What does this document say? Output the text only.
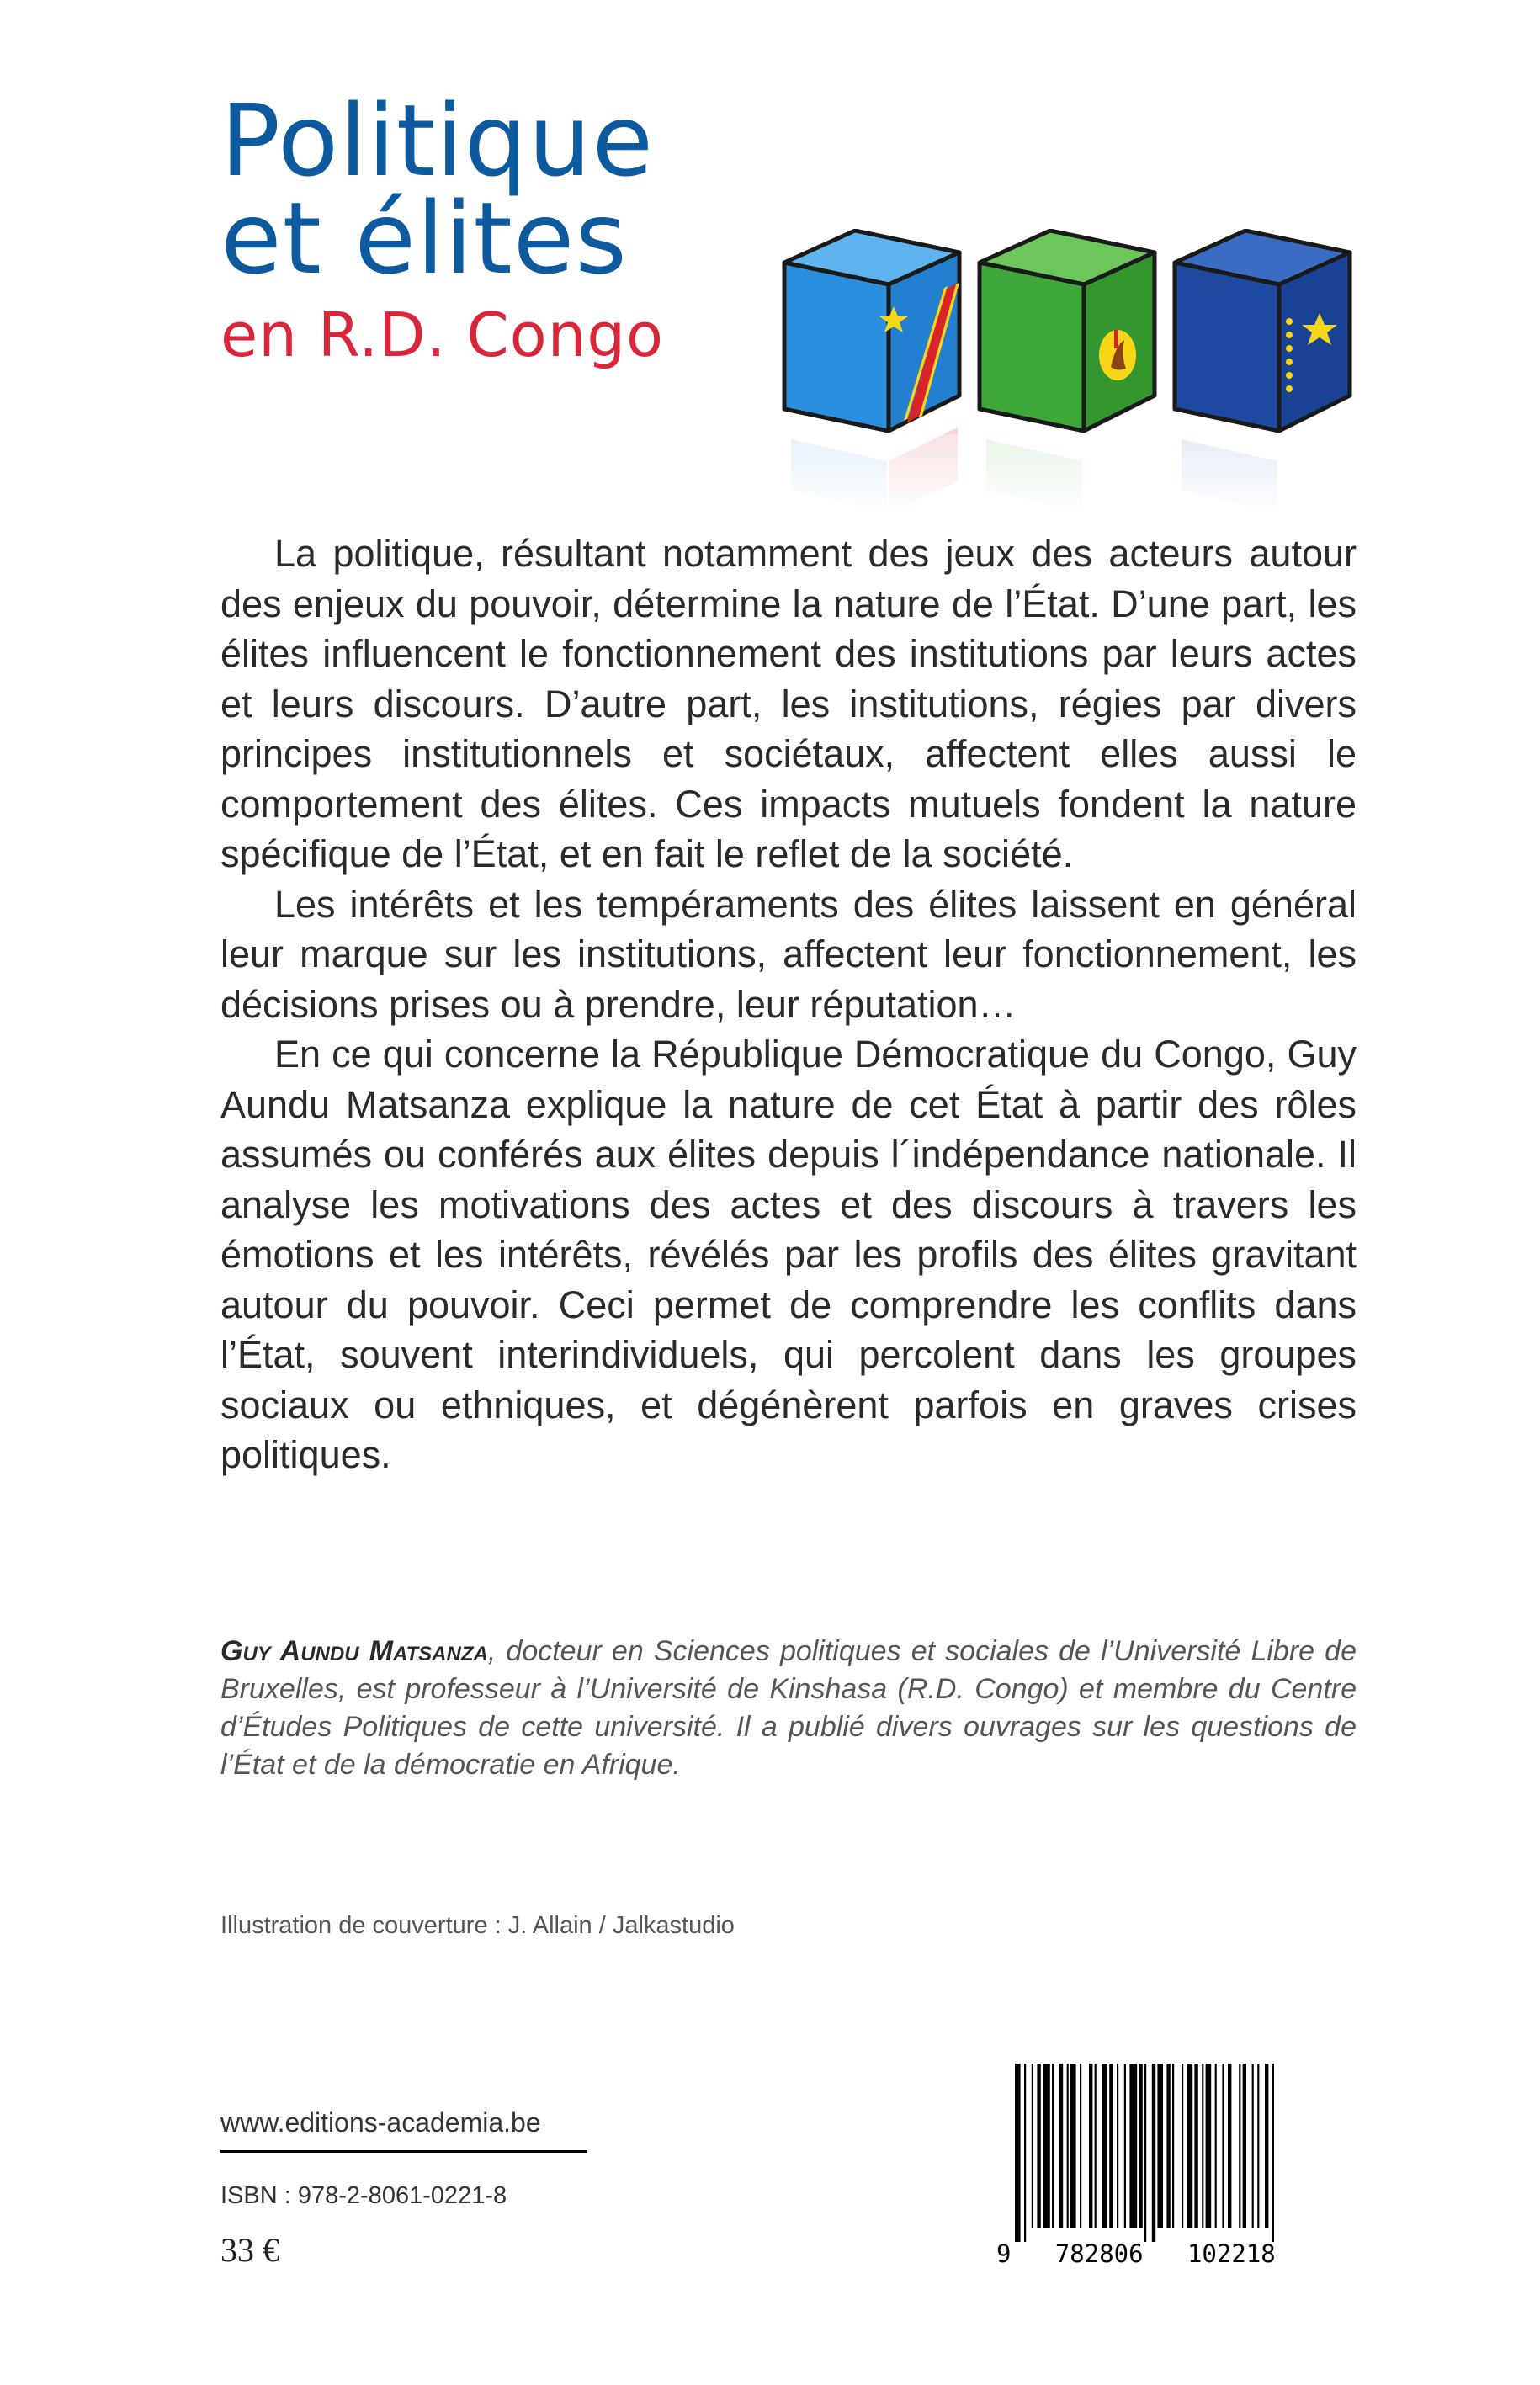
Politique
et élites
en R.D. Congo

La politique, résultant notamment des jeux des acteurs autour des enjeux du pouvoir, détermine la nature de l’État. D’une part, les élites influencent le fonctionnement des institutions par leurs actes et leurs discours. D’autre part, les institutions, régies par divers principes institutionnels et sociétaux, affectent elles aussi le comportement des élites. Ces impacts mutuels fondent la nature spécifique de l’État, et en fait le reflet de la société.

Les intérêts et les tempéraments des élites laissent en général leur marque sur les institutions, affectent leur fonctionnement, les décisions prises ou à prendre, leur réputation…

En ce qui concerne la République Démocratique du Congo, Guy Aundu Matsanza explique la nature de cet État à partir des rôles assumés ou conférés aux élites depuis l´indépendance nationale. Il analyse les motivations des actes et des discours à travers les émotions et les intérêts, révélés par les profils des élites gravitant autour du pouvoir. Ceci permet de comprendre les conflits dans l’État, souvent interindividuels, qui percolent dans les groupes sociaux ou ethniques, et dégénèrent parfois en graves crises politiques.

Guy Aundu Matsanza, docteur en Sciences politiques et sociales de l’Université Libre de Bruxelles, est professeur à l’Université de Kinshasa (R.D. Congo) et membre du Centre d’Études Politiques de cette université. Il a publié divers ouvrages sur les questions de l’État et de la démocratie en Afrique.
Illustration de couverture : J. Allain / Jalkastudio
www.editions-academia.be
ISBN : 978-2-8061-0221-8
33 €	9   782806   102218
